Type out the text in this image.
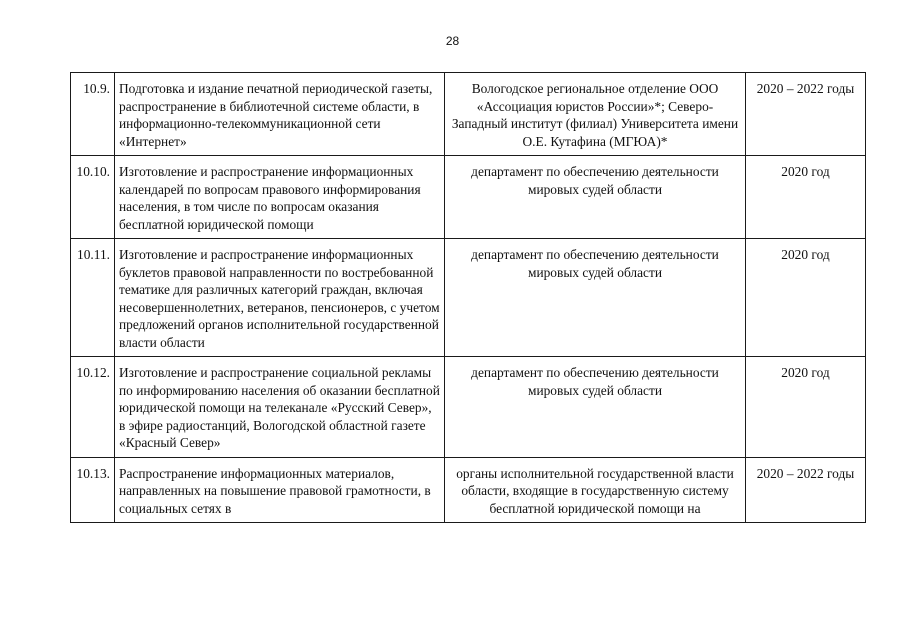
28
10.9.	Подготовка и издание печатной периодической газеты, распространение в библиотечной системе области, в информационно-телекоммуникационной сети «Интернет»	Вологодское региональное отделение ООО «Ассоциация юристов России»*; Северо-Западный институт (филиал) Университета имени О.Е. Кутафина (МГЮА)*	2020 – 2022 годы
10.10.	Изготовление и распространение информационных календарей по вопросам правового информирования населения, в том числе по вопросам оказания бесплатной юридической помощи	департамент по обеспечению деятельности мировых судей области	2020 год
10.11.	Изготовление и распространение информационных буклетов правовой направленности по востребованной тематике для различных категорий граждан, включая несовершеннолетних, ветеранов, пенсионеров, с учетом предложений органов исполнительной государственной власти области	департамент по обеспечению деятельности мировых судей области	2020 год
10.12.	Изготовление и распространение социальной рекламы по информированию населения об оказании бесплатной юридической помощи на телеканале «Русский Север», в эфире радиостанций, Вологодской областной газете «Красный Север»	департамент по обеспечению деятельности мировых судей области	2020 год
10.13.	Распространение информационных материалов, направленных на повышение правовой грамотности, в социальных сетях в	органы исполнительной государственной власти области, входящие в государственную систему бесплатной юридической помощи на	2020 – 2022 годы
